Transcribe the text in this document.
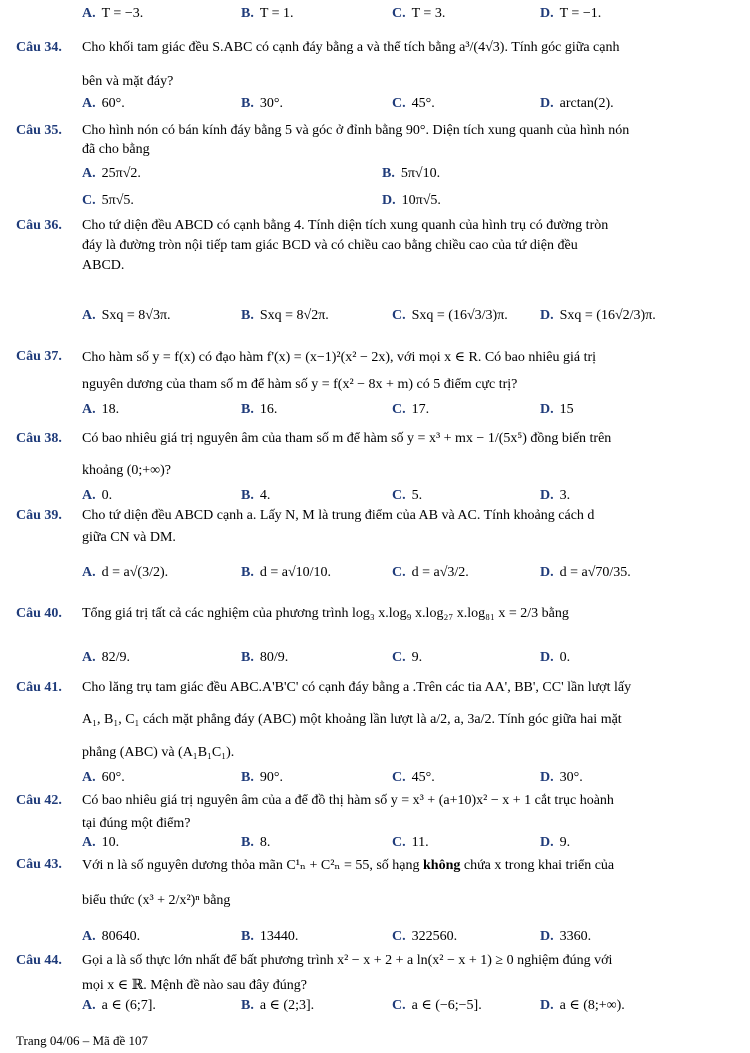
A. T = −3.	B. T = 1.	C. T = 3.	D. T = −1.
Câu 34. Cho khối tam giác đều S.ABC có cạnh đáy bằng a và thể tích bằng a³/(4√3). Tính góc giữa cạnh
bên và mặt đáy?
A. 60°.	B. 30°.	C. 45°.	D. arctan(2).
Câu 35. Cho hình nón có bán kính đáy bằng 5 và góc ở đỉnh bằng 90°. Diện tích xung quanh của hình nón
đã cho bằng
A. 25π√2.	B. 5π√10.
C. 5π√5.	D. 10π√5.
Câu 36. Cho tứ diện đều ABCD có cạnh bằng 4. Tính diện tích xung quanh của hình trụ có đường tròn
đáy là đường tròn nội tiếp tam giác BCD và có chiều cao bằng chiều cao của tứ diện đều
ABCD.
A. Sxq = 8√3π.	B. Sxq = 8√2π.	C. Sxq = (16√3/3)π. D. Sxq = (16√2/3)π.
Câu 37. Cho hàm số y = f(x) có đạo hàm f'(x) = (x−1)²(x² − 2x), với mọi x ∈ R. Có bao nhiêu giá trị
nguyên dương của tham số m để hàm số y = f(x² − 8x + m) có 5 điểm cực trị?
A. 18.	B. 16.	C. 17.	D. 15
Câu 38. Có bao nhiêu giá trị nguyên âm của tham số m để hàm số y = x³ + mx − 1/(5x⁵) đồng biến trên
khoảng (0;+∞)?
A. 0.	B. 4.	C. 5.	D. 3.
Câu 39. Cho tứ diện đều ABCD cạnh a. Lấy N, M là trung điểm của AB và AC. Tính khoảng cách d
giữa CN và DM.
A. d = a√(3/2).	B. d = a√10/10.	C. d = a√3/2.	D. d = a√70/35.
Câu 40. Tổng giá trị tất cả các nghiệm của phương trình log₃ x.log₉ x.log₂₇ x.log₈₁ x = 2/3 bằng
A. 82/9.	B. 80/9.	C. 9.	D. 0.
Câu 41. Cho lăng trụ tam giác đều ABC.A'B'C' có cạnh đáy bằng a .Trên các tia AA', BB', CC' lần lượt lấy
A₁, B₁, C₁ cách mặt phẳng đáy (ABC) một khoảng lần lượt là a/2, a, 3a/2. Tính góc giữa hai mặt
phẳng (ABC) và (A₁B₁C₁).
A. 60°.	B. 90°.	C. 45°.	D. 30°.
Câu 42. Có bao nhiêu giá trị nguyên âm của a để đồ thị hàm số y = x³ + (a+10)x² − x + 1 cắt trục hoành
tại đúng một điểm?
A. 10.	B. 8.	C. 11.	D. 9.
Câu 43. Với n là số nguyên dương thỏa mãn C¹ₙ + C²ₙ = 55, số hạng không chứa x trong khai triển của
biểu thức (x³ + 2/x²)ⁿ bằng
A. 80640.	B. 13440.	C. 322560.	D. 3360.
Câu 44. Gọi a là số thực lớn nhất để bất phương trình x² − x + 2 + a ln(x² − x + 1) ≥ 0 nghiệm đúng với
mọi x ∈ ℝ. Mệnh đề nào sau đây đúng?
A. a ∈ (6;7].	B. a ∈ (2;3].	C. a ∈ (−6;−5].	D. a ∈ (8;+∞).
Trang 04/06 – Mã đề 107
